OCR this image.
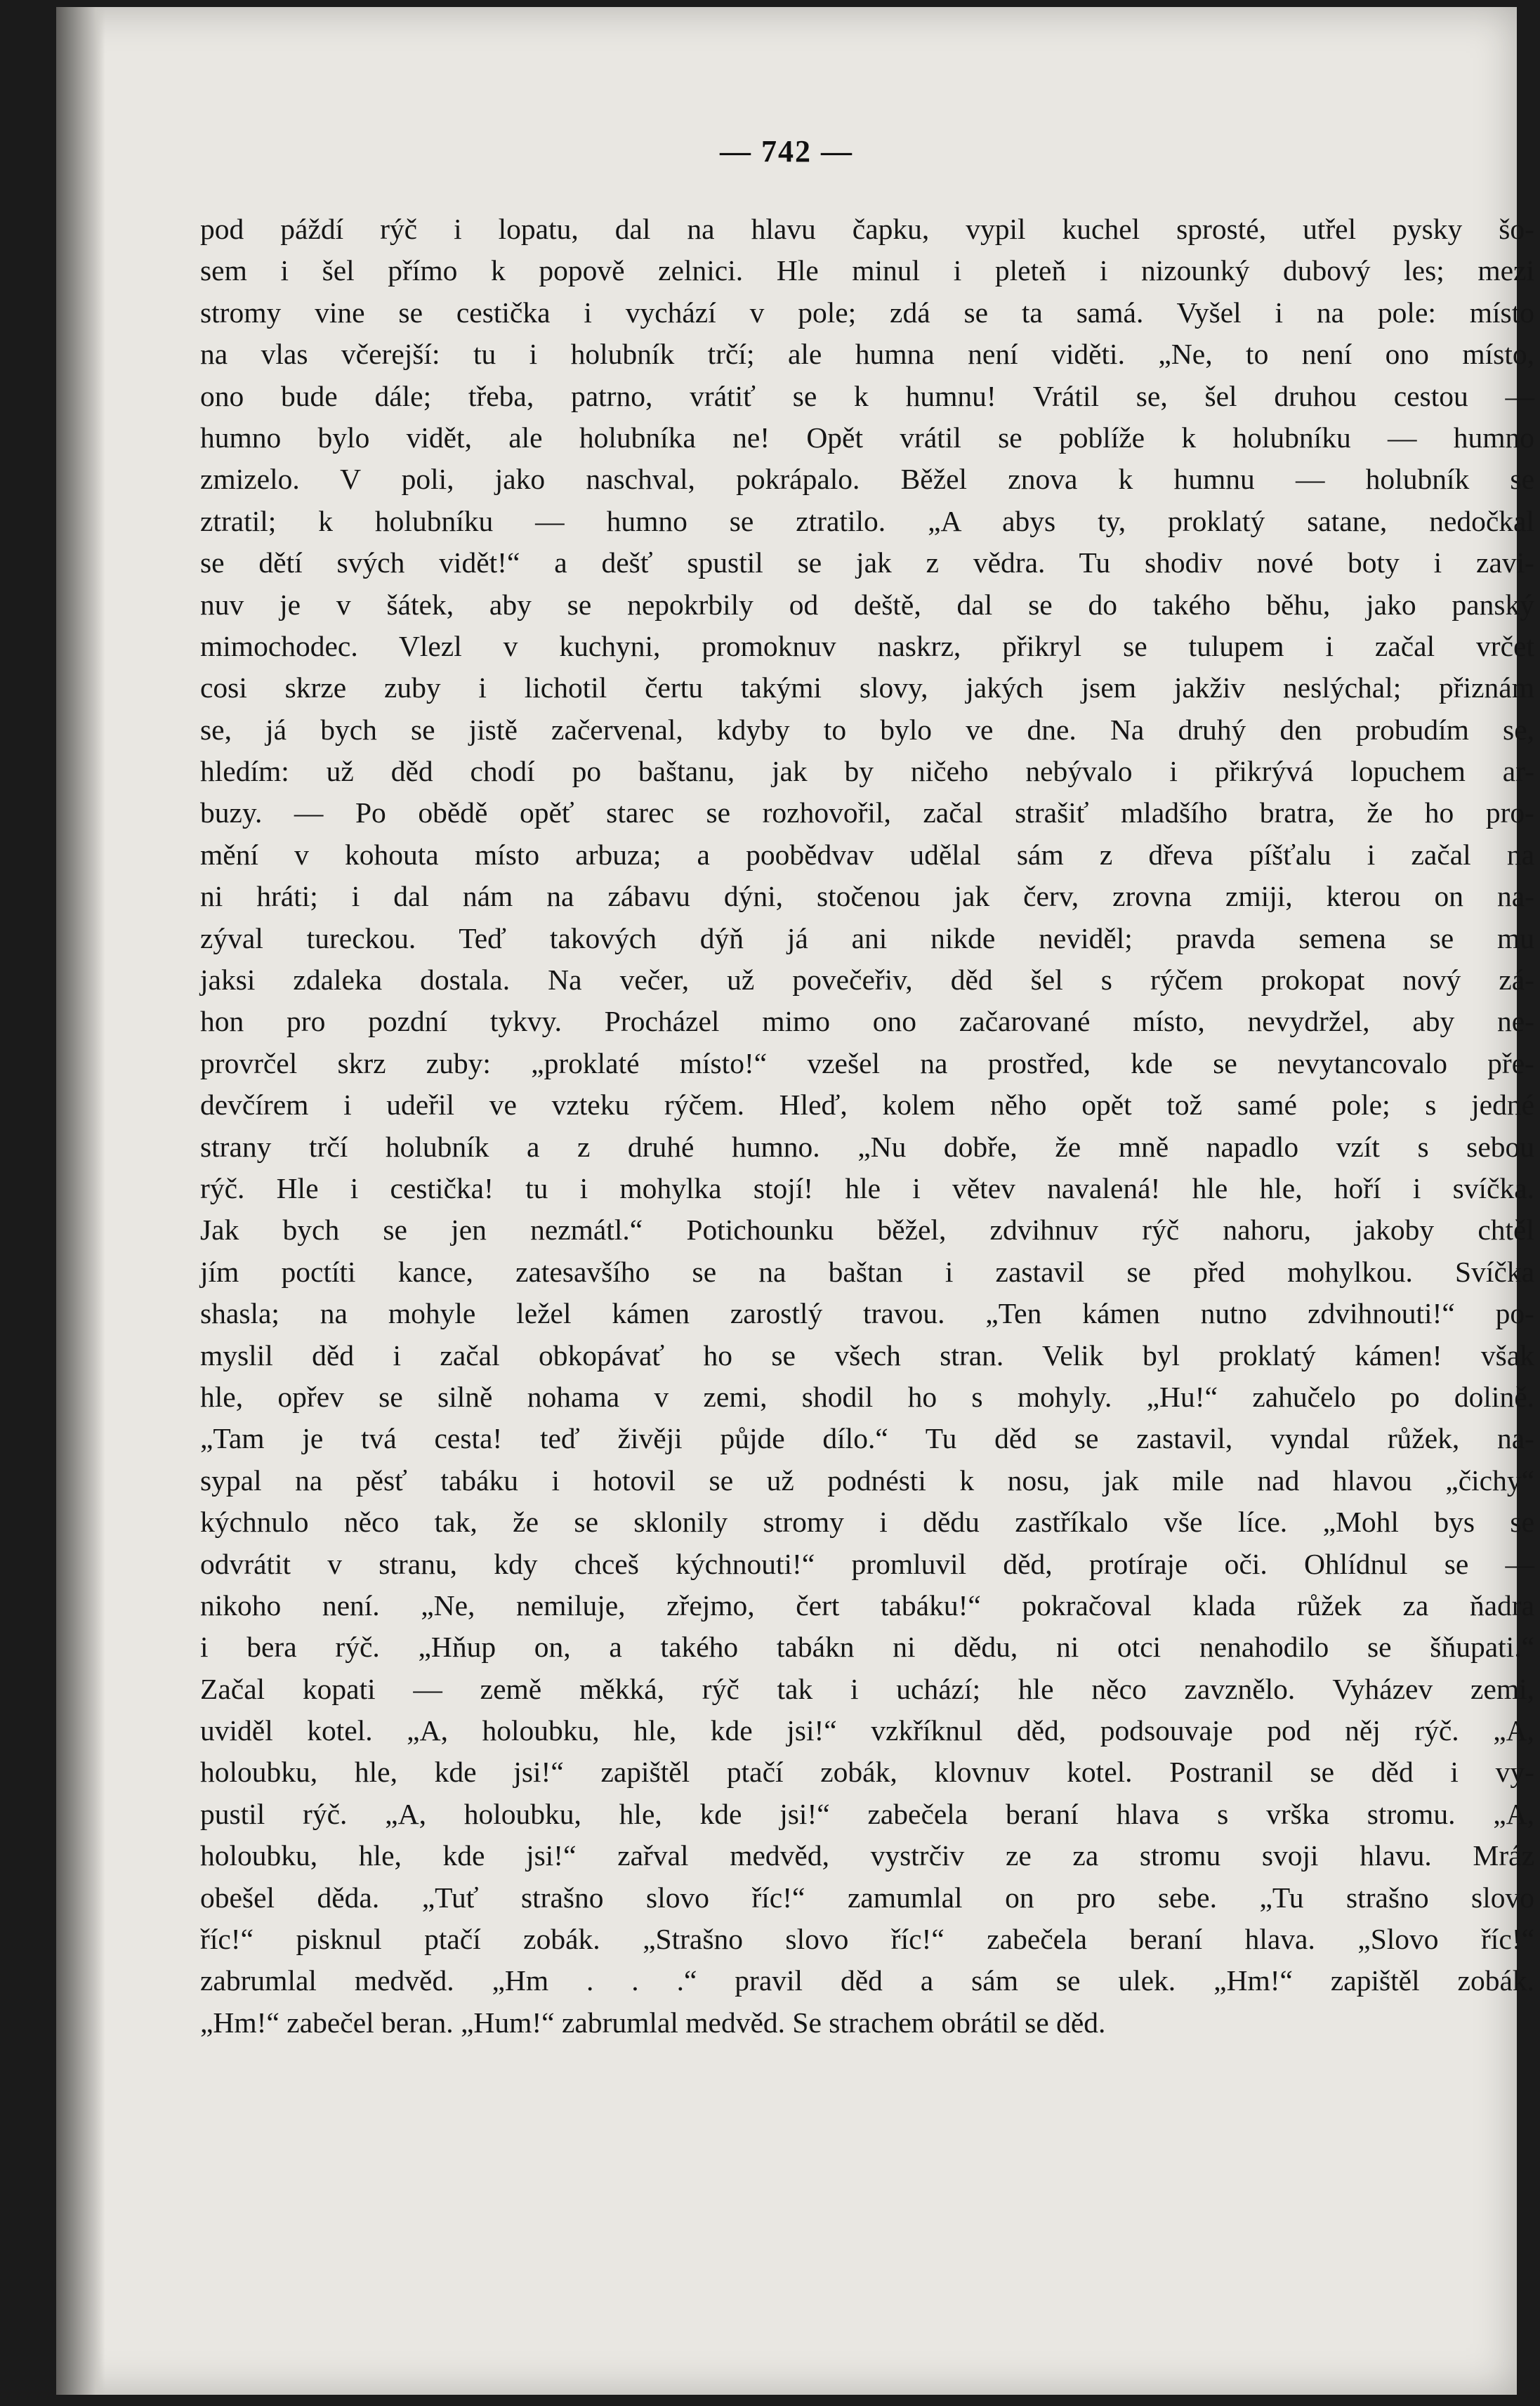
— 742 —
pod páždí rýč i lopatu, dal na hlavu čapku, vypil kuchel sprosté, utřel pysky šo-
sem i šel přímo k popově zelnici. Hle minul i pleteň i nizounký dubový les; mezi
stromy vine se cestička i vychází v pole; zdá se ta samá. Vyšel i na pole: místo
na vlas včerejší: tu i holubník trčí; ale humna není viděti. „Ne, to není ono místo,
ono bude dále; třeba, patrno, vrátiť se k humnu! Vrátil se, šel druhou cestou —
humno bylo vidět, ale holubníka ne! Opět vrátil se poblíže k holubníku — humno
zmizelo. V poli, jako naschval, pokrápalo. Běžel znova k humnu — holubník se
ztratil; k holubníku — humno se ztratilo. „A abys ty, proklatý satane, nedočkal
se dětí svých vidět!“ a dešť spustil se jak z vědra. Tu shodiv nové boty i zavi-
nuv je v šátek, aby se nepokrbily od deště, dal se do takého běhu, jako panský
mimochodec. Vlezl v kuchyni, promoknuv naskrz, přikryl se tulupem i začal vrčet
cosi skrze zuby i lichotil čertu takými slovy, jakých jsem jakživ neslýchal; přiznám
se, já bych se jistě začervenal, kdyby to bylo ve dne. Na druhý den probudím se,
hledím: už děd chodí po baštanu, jak by ničeho nebývalo i přikrývá lopuchem ar-
buzy. — Po obědě opěť starec se rozhovořil, začal strašiť mladšího bratra, že ho pro-
mění v kohouta místo arbuza; a poobědvav udělal sám z dřeva píšťalu i začal na
ni hráti; i dal nám na zábavu dýni, stočenou jak červ, zrovna zmiji, kterou on na-
zýval tureckou. Teď takových dýň já ani nikde neviděl; pravda semena se mu
jaksi zdaleka dostala. Na večer, už povečeřiv, děd šel s rýčem prokopat nový zá-
hon pro pozdní tykvy. Procházel mimo ono začarované místo, nevydržel, aby ne-
provrčel skrz zuby: „proklaté místo!“ vzešel na prostřed, kde se nevytancovalo pře-
devčírem i udeřil ve vzteku rýčem. Hleď, kolem něho opět tož samé pole; s jedné
strany trčí holubník a z druhé humno. „Nu dobře, že mně napadlo vzít s sebou
rýč. Hle i cestička! tu i mohylka stojí! hle i větev navalená! hle hle, hoří i svíčka.
Jak bych se jen nezmátl.“ Potichounku běžel, zdvihnuv rýč nahoru, jakoby chtěl
jím poctíti kance, zatesavšího se na baštan i zastavil se před mohylkou. Svíčka
shasla; na mohyle ležel kámen zarostlý travou. „Ten kámen nutno zdvihnouti!“ po-
myslil děd i začal obkopávať ho se všech stran. Velik byl proklatý kámen! však
hle, opřev se silně nohama v zemi, shodil ho s mohyly. „Hu!“ zahučelo po dolině.
„Tam je tvá cesta! teď živěji půjde dílo.“ Tu děd se zastavil, vyndal růžek, na-
sypal na pěsť tabáku i hotovil se už podnésti k nosu, jak mile nad hlavou „čichy“
kýchnulo něco tak, že se sklonily stromy i dědu zastříkalo vše líce. „Mohl bys se
odvrátit v stranu, kdy chceš kýchnouti!“ promluvil děd, protíraje oči. Ohlídnul se —
nikoho není. „Ne, nemiluje, zřejmo, čert tabáku!“ pokračoval klada růžek za ňadra
i bera rýč. „Hňup on, a takého tabákn ni dědu, ni otci nenahodilo se šňupati.“
Začal kopati — země měkká, rýč tak i uchází; hle něco zavznělo. Vyházev zemi,
uviděl kotel. „A, holoubku, hle, kde jsi!“ vzkříknul děd, podsouvaje pod něj rýč. „A,
holoubku, hle, kde jsi!“ zapištěl ptačí zobák, klovnuv kotel. Postranil se děd i vy-
pustil rýč. „A, holoubku, hle, kde jsi!“ zabečela beraní hlava s vrška stromu. „A,
holoubku, hle, kde jsi!“ zařval medvěd, vystrčiv ze za stromu svoji hlavu. Mráz
obešel děda. „Tuť strašno slovo říc!“ zamumlal on pro sebe. „Tu strašno slovo
říc!“ pisknul ptačí zobák. „Strašno slovo říc!“ zabečela beraní hlava. „Slovo říc!“
zabrumlal medvěd. „Hm . . .“ pravil děd a sám se ulek. „Hm!“ zapištěl zobák.
„Hm!“ zabečel beran. „Hum!“ zabrumlal medvěd. Se strachem obrátil se děd.
